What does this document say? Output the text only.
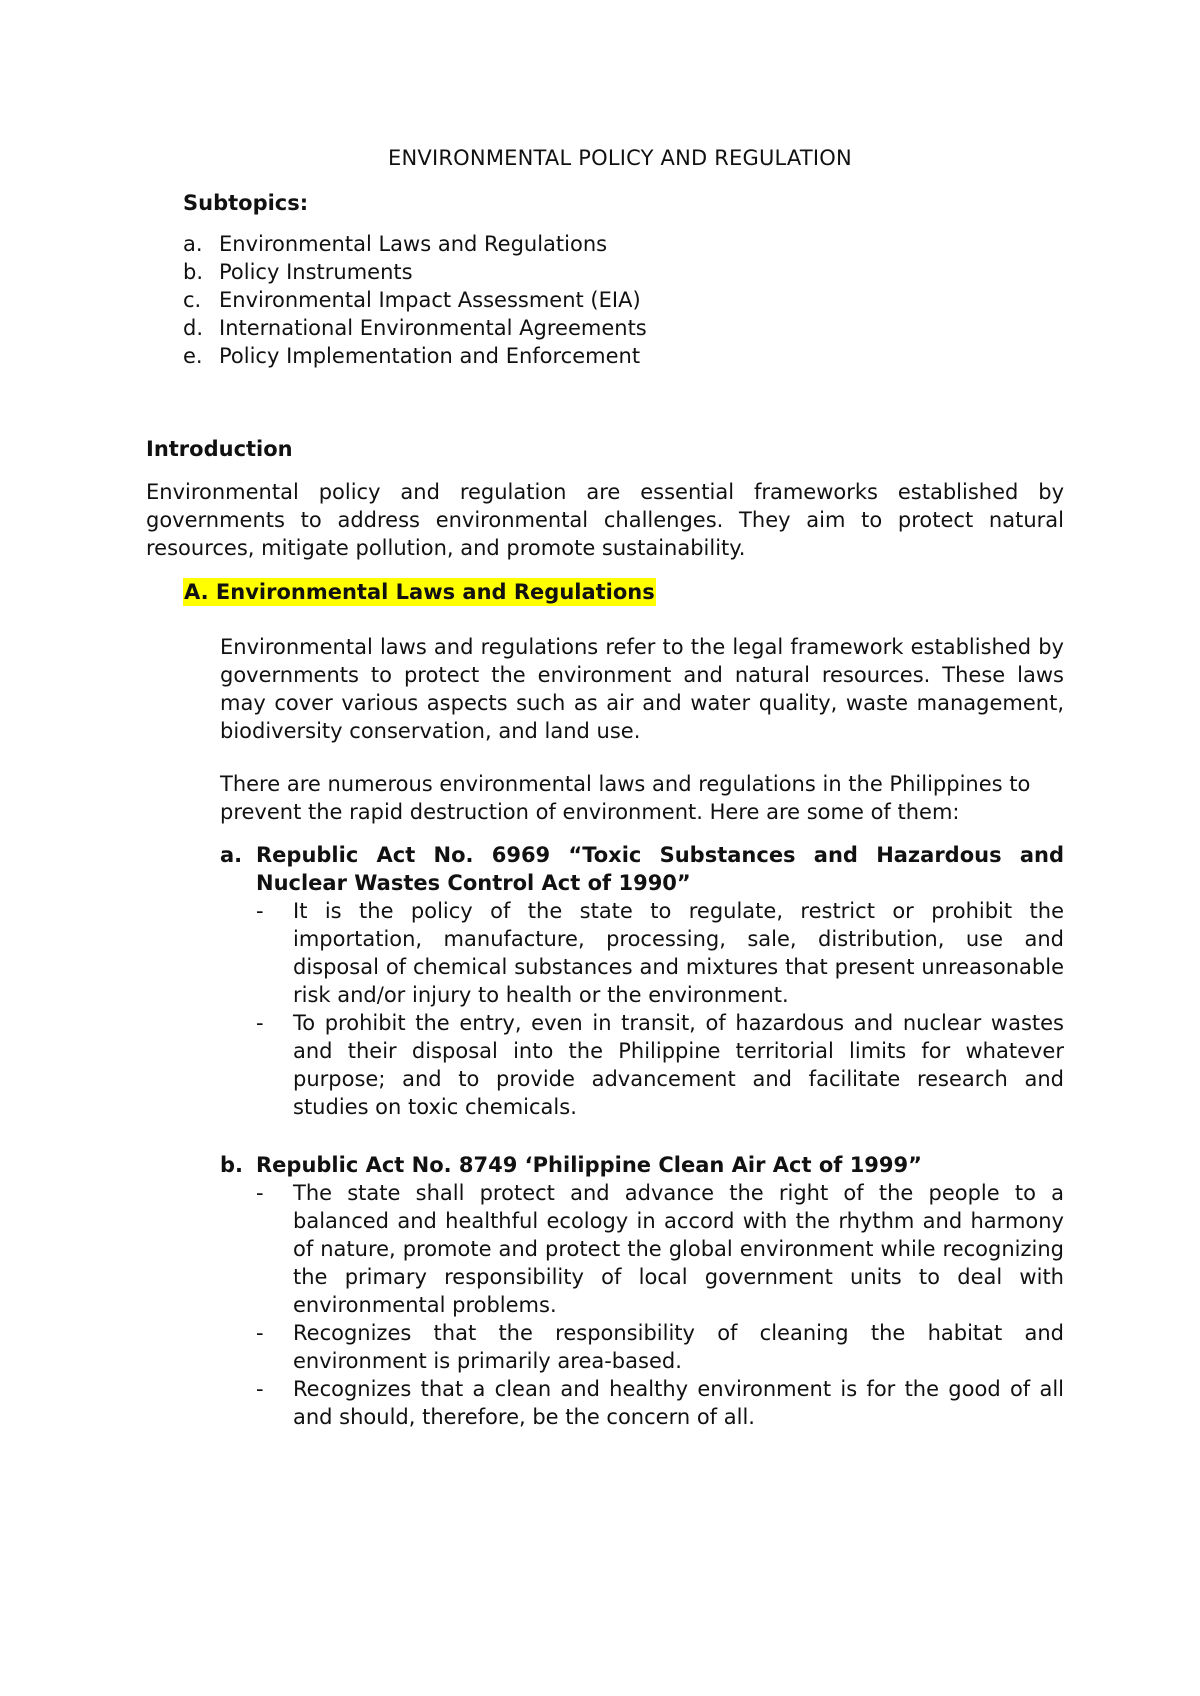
ENVIRONMENTAL POLICY AND REGULATION
Subtopics:
a. Environmental Laws and Regulations
b. Policy Instruments
c. Environmental Impact Assessment (EIA)
d. International Environmental Agreements
e. Policy Implementation and Enforcement
Introduction

Environmental policy and regulation are essential frameworks established by governments to address environmental challenges. They aim to protect natural resources, mitigate pollution, and promote sustainability.

A. Environmental Laws and Regulations

Environmental laws and regulations refer to the legal framework established by governments to protect the environment and natural resources. These laws may cover various aspects such as air and water quality, waste management, biodiversity conservation, and land use.

There are numerous environmental laws and regulations in the Philippines to prevent the rapid destruction of environment. Here are some of them:

a. Republic Act No. 6969 “Toxic Substances and Hazardous and Nuclear Wastes Control Act of 1990”
-	It is the policy of the state to regulate, restrict or prohibit the importation, manufacture, processing, sale, distribution, use and disposal of chemical substances and mixtures that present unreasonable risk and/or injury to health or the environment.
-	To prohibit the entry, even in transit, of hazardous and nuclear wastes and their disposal into the Philippine territorial limits for whatever purpose; and to provide advancement and facilitate research and studies on toxic chemicals.
b. Republic Act No. 8749 ‘Philippine Clean Air Act of 1999”
-	The state shall protect and advance the right of the people to a balanced and healthful ecology in accord with the rhythm and harmony of nature, promote and protect the global environment while recognizing the primary responsibility of local government units to deal with environmental problems.
-	Recognizes that the responsibility of cleaning the habitat and environment is primarily area-based.
-	Recognizes that a clean and healthy environment is for the good of all and should, therefore, be the concern of all.
